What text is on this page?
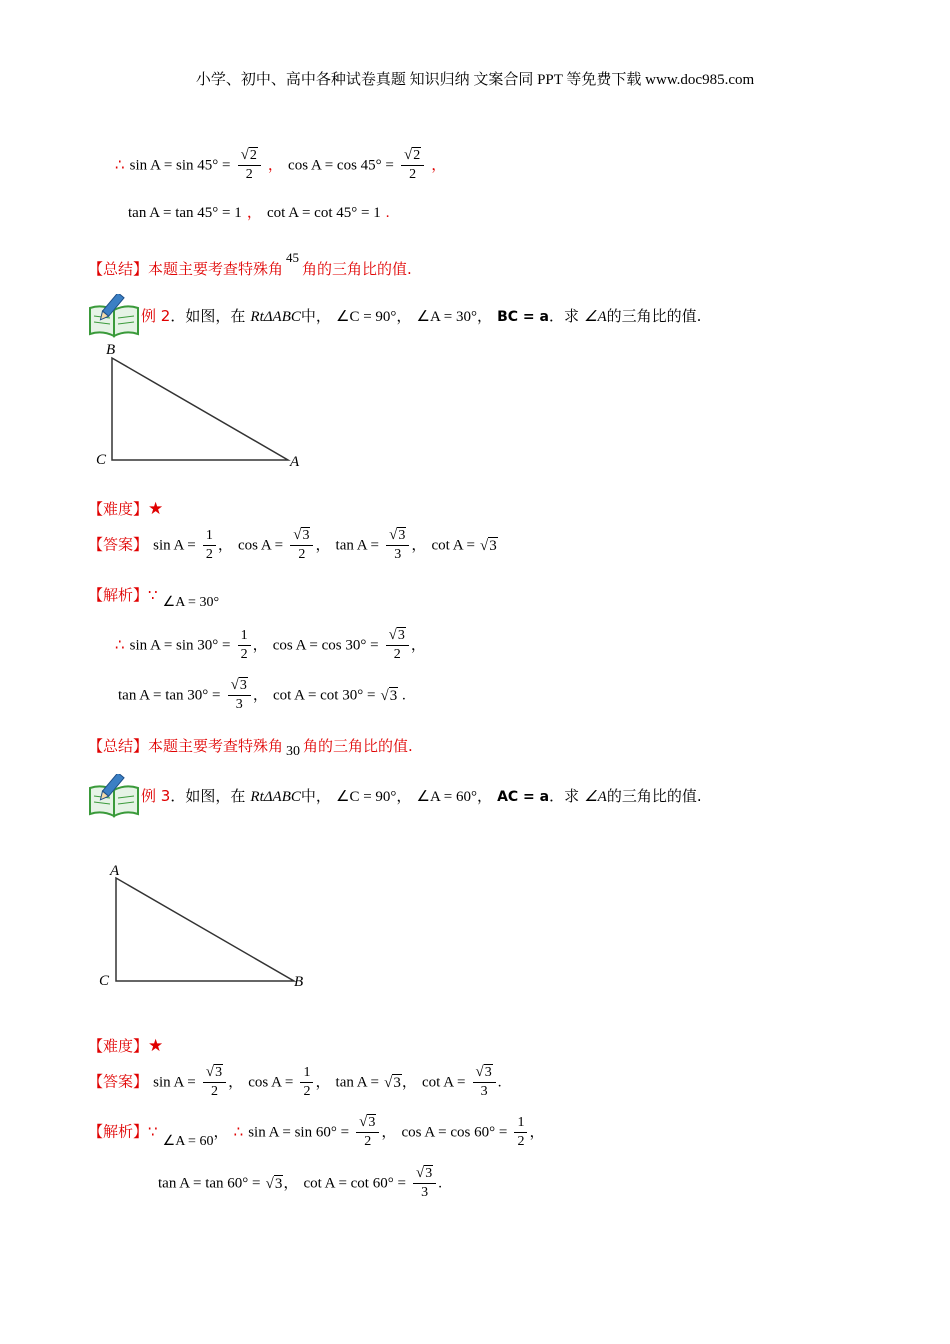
小学、初中、高中各种试卷真题 知识归纳 文案合同 PPT 等免费下载 www.doc985.com
∴ $\sin A = \sin 45^\circ = \frac{√2}{2}$ ， $\cos A = \cos 45^\circ = \frac{√2}{2}$ ，
tan A = tan 45° = 1 ， cot A = cot 45° = 1 .
【总结】本题主要考查特殊角$^{45}$角的三角比的值.
例 2．如图，在 RtΔABC中， ∠C = 90°， ∠A = 30°， BC = a．求 ∠A的三角比的值.
B
C	A
【难度】★
【答案】 $\sin A = \frac{1}{2}$ ， $\cos A = \frac{√3}{2}$ ， $\tan A = \frac{√3}{3}$ ， cot A = √3
【解析】∵ ∠A = 30°
∴ $\sin A = \sin 30^\circ = \frac{1}{2}$ ， $\cos A = \cos 30^\circ = \frac{√3}{2}$ ，
$\tan A = \tan 30^\circ = \frac{√3}{3}$ ， cot A = cot 30° = √3 .
【总结】本题主要考查特殊角 30 角的三角比的值.
例 3．如图，在 RtΔABC中， ∠C = 90°， ∠A = 60°， AC = a．求 ∠A的三角比的值.
A
C	B
【难度】★
【答案】 $\sin A = \frac{√3}{2}$ ， $\cos A = \frac{1}{2}$ ， tan A = √3， $\cot A = \frac{√3}{3}$ .
【解析】∵ ∠A = 60， ∴ $\sin A = \sin 60^\circ = \frac{√3}{2}$ ， $\cos A = \cos 60^\circ = \frac{1}{2}$ ，
tan A = tan 60° = √3， $\cot A = \cot 60^\circ = \frac{√3}{3}$ .
